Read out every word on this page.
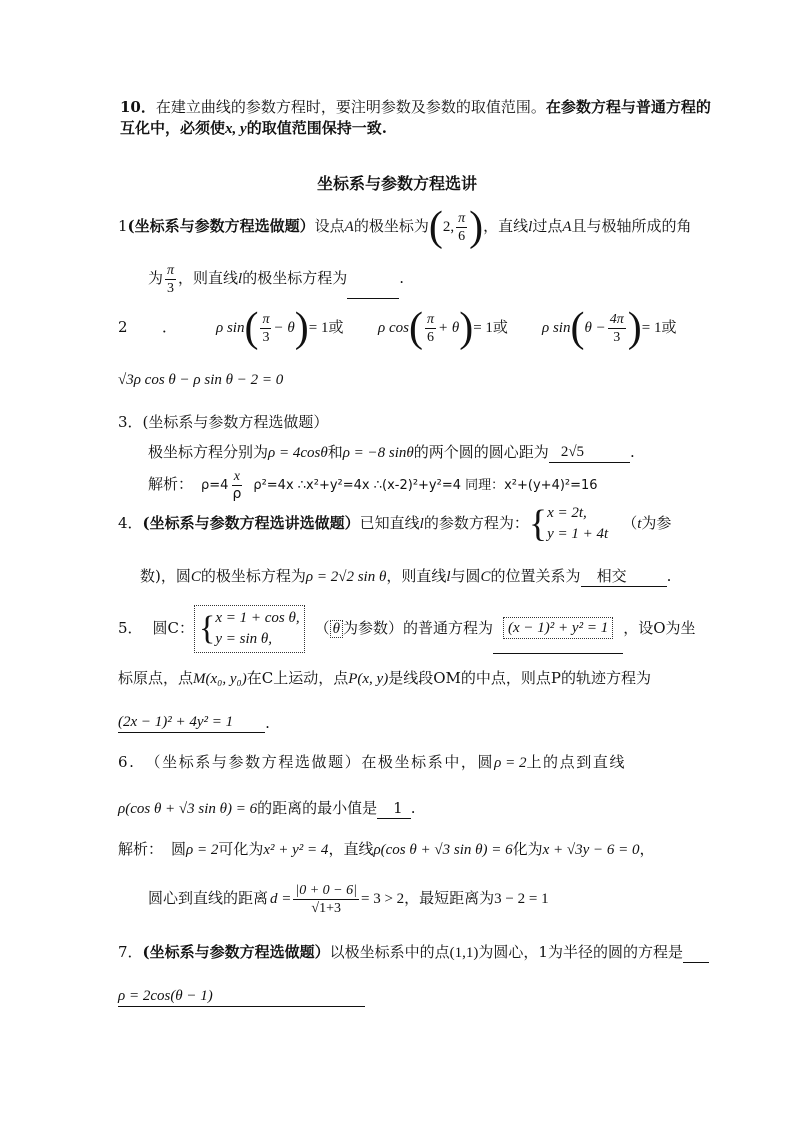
10．在建立曲线的参数方程时，要注明参数及参数的取值范围。在参数方程与普通方程的
互化中，必须使x, y的取值范围保持一致.
坐标系与参数方程选讲
1(坐标系与参数方程选做题）设点A的极坐标为(2, $\frac{\pi}{6}$ )，直线l过点A且与极轴所成的角
为 $\frac{\pi}{3}$ ，则直线l的极坐标方程为	.
2 ．	ρ $\sin( \frac{\pi}{3} - \theta)= 1$或 ρ $\cos( \frac{\pi}{6} + \theta)= 1$或 ρ $\sin(\theta - \frac{4\pi}{3}$ )= 1或
√3ρ cos θ − ρ sin θ − 2 = 0
3．(坐标系与参数方程选做题）
极坐标方程分别为ρ = 4cosθ和ρ = −8 sinθ的两个圆的圆心距为 2√5	.
解析： $\rho=4 \frac{x}{\rho} \rho^2=4x$ ∴x²+y²=4x ∴(x-2)²+y²=4 同理：x²+(y+4)²=16
4．(坐标系与参数方程选讲选做题）已知直线l的参数方程为：{ x = 2t,
y = 1 + 4t
（t为参
数)，圆C的极坐标方程为ρ = 2√2 sin θ，则直线l与圆C的位置关系为 相交	.
5． 圆C： { x = 1 + cos θ,
y = sin θ,
（ θ 为参数）的普通方程为 (x − 1)² + y² = 1 ，设O为坐
标原点，点M(x₀, y₀)在C上运动，点P(x, y)是线段OM的中点，则点P的轨迹方程为
(2x − 1)² + 4y² = 1 .
6. （坐标系与参数方程选做题）在极坐标系中，圆ρ = 2上的点到直线
ρ(cos θ + √3 sin θ) = 6的距离的最小值是 1 .
解析： 圆ρ = 2可化为x² + y² = 4，直线ρ(cos θ + √3 sin θ) = 6化为x + √3y − 6 = 0，
圆心到直线的距离 $d = \frac{|0 + 0 - 6|}{√1+3} = 3 > 2$，最短距离为3 − 2 = 1
7．(坐标系与参数方程选做题）以极坐标系中的点(1,1)为圆心，1为半径的圆的方程是
ρ = 2cos(θ − 1)
